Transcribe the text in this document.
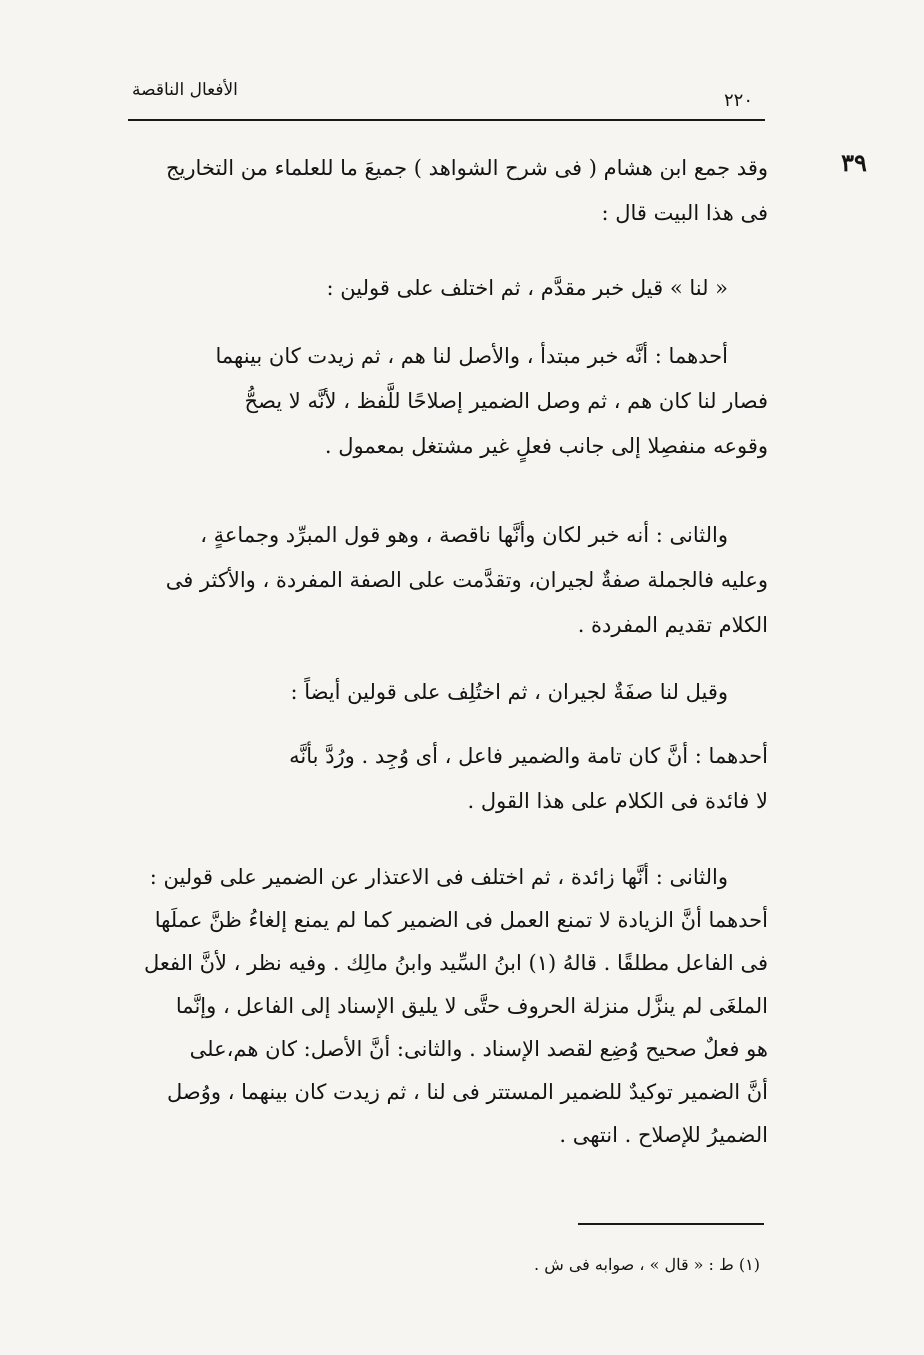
الأفعال الناقصة	٢٢٠
٣٩
وقد جمع ابن هشام ( فى شرح الشواهد ) جميعَ ما للعلماء من التخاريج
فى هذا البيت قال :
« لنا » قيل خبر مقدَّم ، ثم اختلف على قولين :
أحدهما : أنَّه خبر مبتدأ ، والأصل لنا هم ، ثم زيدت كان بينهما
فصار لنا كان هم ، ثم وصل الضمير إصلاحًا للَّفظ ، لأنَّه لا يصحُّ
وقوعه منفصِلا إلى جانب فعلٍ غير مشتغل بمعمول .
والثانى : أنه خبر لكان وأنَّها ناقصة ، وهو قول المبرِّد وجماعةٍ ،
وعليه فالجملة صفةٌ لجيران، وتقدَّمت على الصفة المفردة ، والأكثر فى
الكلام تقديم المفردة .
وقيل لنا صفَةٌ لجيران ، ثم اختُلِف على قولين أيضاً :
أحدهما : أنَّ كان تامة والضمير فاعل ، أى وُجِد . ورُدَّ بأنَّه
لا فائدة فى الكلام على هذا القول .
والثانى : أنَّها زائدة ، ثم اختلف فى الاعتذار عن الضمير على قولين :
أحدهما أنَّ الزيادة لا تمنع العمل فى الضمير كما لم يمنع إلغاءُ ظنَّ عملَها
فى الفاعل مطلقًا . قالهُ (١) ابنُ السِّيد وابنُ مالِك . وفيه نظر ، لأنَّ الفعل
الملغَى لم ينزَّل منزلة الحروف حتَّى لا يليق الإسناد إلى الفاعل ، وإنَّما
هو فعلٌ صحيح وُضِع لقصد الإسناد . والثانى: أنَّ الأصل: كان هم،على
أنَّ الضمير توكيدٌ للضمير المستتر فى لنا ، ثم زيدت كان بينهما ، ووُصل
الضميرُ للإصلاح . انتهى .
(١) ط : « قال » ، صوابه فى ش .
